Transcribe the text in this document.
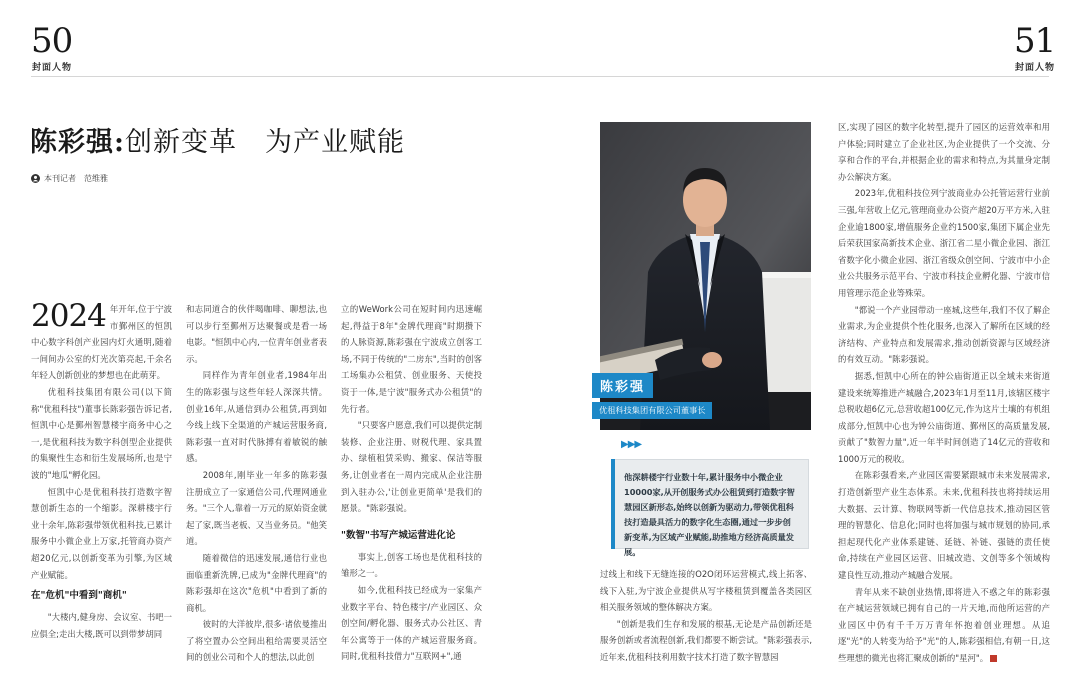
50
封面人物
51
封面人物
陈彩强:创新变革　为产业赋能
本刊记者　范维雅

2024 年开年,位于宁波市鄞州区的恒凯中心数字科创产业园内灯火通明,随着一间间办公室的灯光次第亮起,千余名年轻人创新创业的梦想也在此萌芽。

优租科技集团有限公司(以下简称"优租科技")董事长陈彩强告诉记者,恒凯中心是鄞州智慧楼宇商务中心之一,是优租科技为数字科创型企业提供的集聚性生态和衍生发展场所,也是宁波的"地瓜"孵化园。

恒凯中心是优租科技打造数字智慧创新生态的一个缩影。深耕楼宇行业十余年,陈彩强带领优租科技,已累计服务中小微企业上万家,托管商办资产超20亿元,以创新变革为引擎,为区域产业赋能。

在"危机"中看到"商机"

"大楼内,健身房、会议室、书吧一应俱全;走出大楼,既可以到带梦胡同

和志同道合的伙伴喝咖啡、聊想法,也可以步行至鄞州万达聚餐或是看一场电影。"恒凯中心内,一位青年创业者表示。

同样作为青年创业者,1984年出生的陈彩强与这些年轻人深深共情。创业16年,从通信到办公租赁,再到如今线上线下全渠道的产城运营服务商,陈彩强一直对时代脉搏有着敏锐的触感。

2008年,刚毕业一年多的陈彩强注册成立了一家通信公司,代理网通业务。"三个人,靠着一万元的原始资金就起了家,既当老板、又当业务员。"他笑道。

随着微信的迅速发展,通信行业也面临重新洗牌,已成为"金牌代理商"的陈彩强却在这次"危机"中看到了新的商机。

彼时的大洋彼岸,很多·诸依曼推出了将空置办公空间出租给需要灵活空间的创业公司和个人的想法,以此创

立的WeWork公司在短时间内迅速崛起,得益于8年"金牌代理商"时期攒下的人脉资源,陈彩强在宁波成立创客工场,不同于传统的"二房东",当时的创客工场集办公租赁、创业服务、天使投资于一体,是宁波"服务式办公租赁"的先行者。

"只要客户愿意,我们可以提供定制装修、企业注册、财税代理、家具置办、绿植租赁采购、搬家、保洁等服务,让创业者在一周内完成从企业注册到入驻办公,'让创业更简单'是我们的愿景。"陈彩强说。

"数智"书写产城运营进化论

事实上,创客工场也是优租科技的雏形之一。

如今,优租科技已经成为一家集产业数字平台、特色楼宇/产业园区、众创空间/孵化器、服务式办公社区、青年公寓等于一体的产城运营服务商。同时,优租科技借力"互联网+",通

陈彩强
优租科技集团有限公司董事长
▶▶▶
他深耕楼宇行业数十年,累计服务中小微企业10000家,从开创服务式办公租赁到打造数字智慧园区新形态,始终以创新为驱动力,带领优租科技打造最具活力的数字化生态圈,通过一步步创新变革,为区域产业赋能,助推地方经济高质量发展。

过线上和线下无缝连接的O2O闭环运营模式,线上拓客、线下入驻,为宁波企业提供从写字楼租赁到覆盖各类园区相关服务领域的整体解决方案。

"创新是我们生存和发展的根基,无论是产品创新还是服务创新或者流程创新,我们都要不断尝试。"陈彩强表示,近年来,优租科技利用数字技术打造了数字智慧园

区,实现了园区的数字化转型,提升了园区的运营效率和用户体验;同时建立了企业社区,为企业提供了一个交流、分享和合作的平台,并根据企业的需求和特点,为其量身定制办公解决方案。

2023年,优租科技位列宁波商业办公托管运营行业前三强,年营收上亿元,管理商业办公资产超20万平方米,入驻企业逾1800家,增值服务企业约1500家,集团下属企业先后荣获国家高新技术企业、浙江省二星小微企业园、浙江省数字化小微企业园、浙江省级众创空间、宁波市中小企业公共服务示范平台、宁波市科技企业孵化器、宁波市信用管理示范企业等殊荣。

"都说一个产业园带动一座城,这些年,我们不仅了解企业需求,为企业提供个性化服务,也深入了解所在区域的经济结构、产业特点和发展需求,推动创新资源与区域经济的有效互动。"陈彩强说。

据悉,恒凯中心所在的钟公庙街道正以全域未来街道建设来统筹推进产城融合,2023年1月至11月,该辖区楼宇总税收超6亿元,总营收超100亿元,作为这片土壤的有机组成部分,恒凯中心也为钟公庙街道、鄞州区的高质量发展,贡献了"数智力量",近一年半时间创造了14亿元的营收和1000万元的税收。

在陈彩强看来,产业园区需要紧跟城市未来发展需求,打造创新型产业生态体系。未来,优租科技也将持续运用大数据、云计算、物联网等新一代信息技术,推动园区管理的智慧化、信息化;同时也将加强与城市规划的协同,承担起现代化产业体系建链、延链、补链、强链的责任使命,持续在产业园区运营、旧城改造、文创等多个领域构建良性互动,推动产城融合发展。

青年从来不缺创业热情,即将进入不惑之年的陈彩强在产城运营领域已拥有自己的一片天地,而他所运营的产业园区中仍有千千万万青年怀抱着创业理想。从追逐"光"的人转变为给予"光"的人,陈彩强相信,有朝一日,这些理想的微光也将汇聚成创新的"星河"。
